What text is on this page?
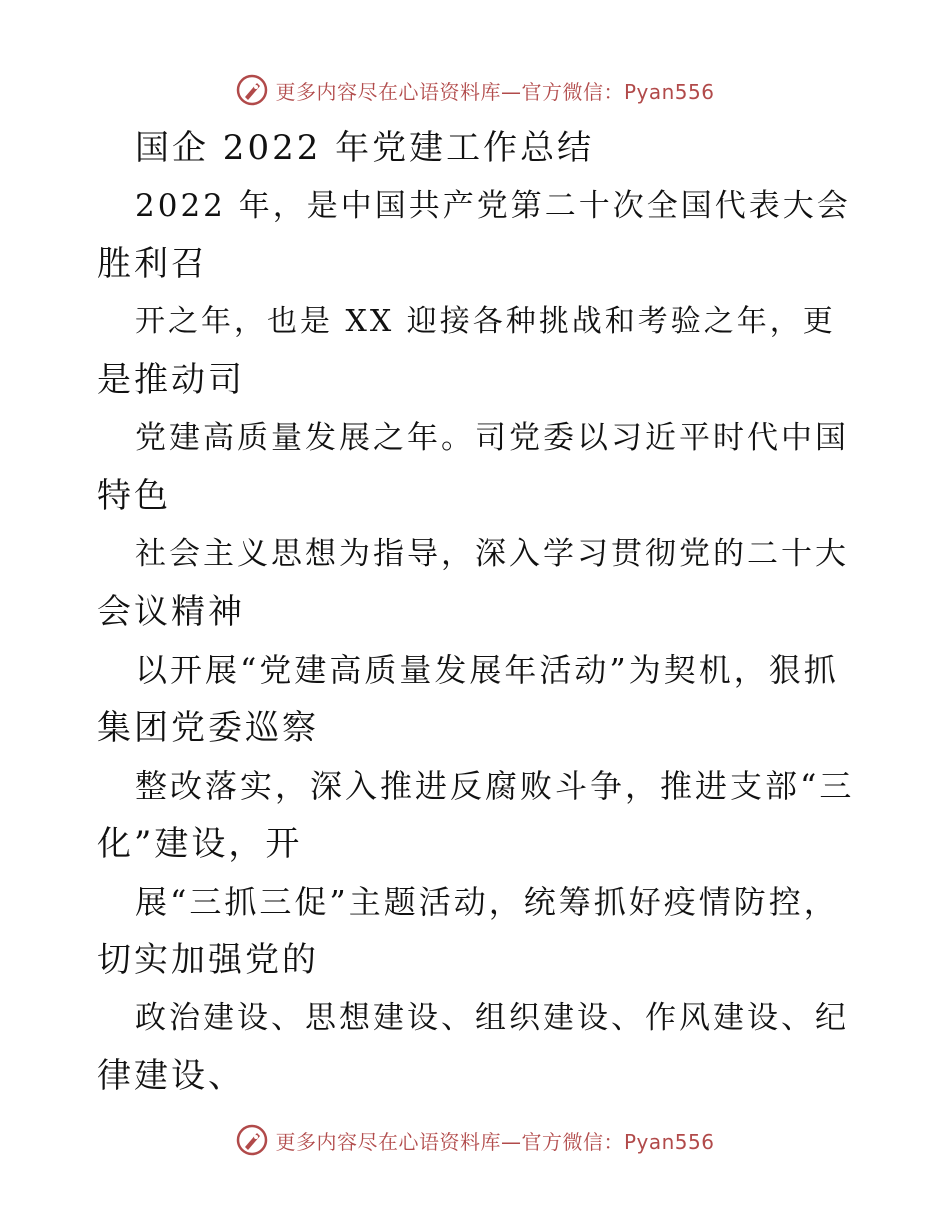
更多内容尽在心语资料库—官方微信：Pyan556
国企 2022 年党建工作总结
2022 年，是中国共产党第二十次全国代表大会
胜利召
开之年，也是 XX 迎接各种挑战和考验之年，更
是推动司
党建高质量发展之年。司党委以习近平时代中国
特色
社会主义思想为指导，深入学习贯彻党的二十大
会议精神
以开展“党建高质量发展年活动”为契机，狠抓
集团党委巡察
整改落实，深入推进反腐败斗争，推进支部“三
化”建设，开
展“三抓三促”主题活动，统筹抓好疫情防控，
切实加强党的
政治建设、思想建设、组织建设、作风建设、纪
律建设、
更多内容尽在心语资料库—官方微信：Pyan556
